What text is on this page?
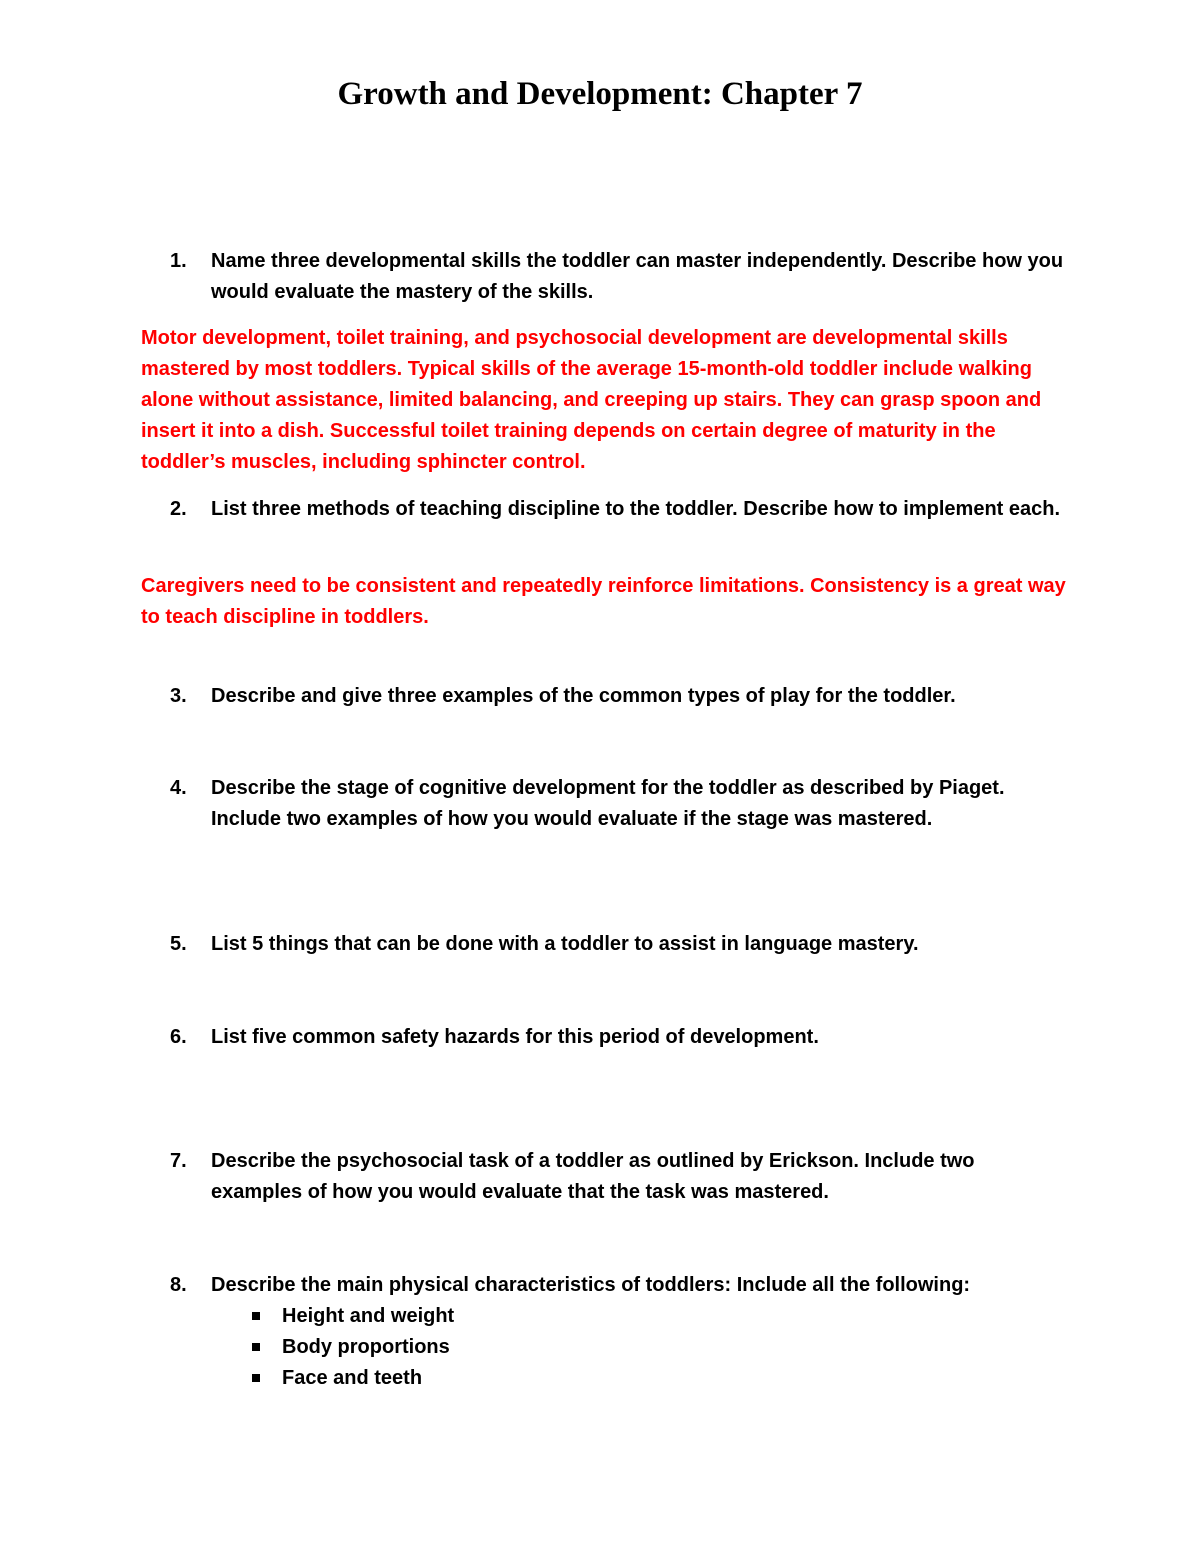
Growth and Development: Chapter 7
1.	Name three developmental skills the toddler can master independently. Describe how you would evaluate the mastery of the skills.

Motor development, toilet training, and psychosocial development are developmental skills mastered by most toddlers. Typical skills of the average 15-month-old toddler include walking alone without assistance, limited balancing, and creeping up stairs. They can grasp spoon and insert it into a dish. Successful toilet training depends on certain degree of maturity in the toddler’s muscles, including sphincter control.

2.	List three methods of teaching discipline to the toddler. Describe how to implement each.

Caregivers need to be consistent and repeatedly reinforce limitations. Consistency is a great way to teach discipline in toddlers.

3.	Describe and give three examples of the common types of play for the toddler.
4.	Describe the stage of cognitive development for the toddler as described by Piaget. Include two examples of how you would evaluate if the stage was mastered.
5.	List 5 things that can be done with a toddler to assist in language mastery.
6.	List five common safety hazards for this period of development.
7.	Describe the psychosocial task of a toddler as outlined by Erickson. Include two examples of how you would evaluate that the task was mastered.
8.	Describe the main physical characteristics of toddlers: Include all the following:
Height and weight
Body proportions
Face and teeth
